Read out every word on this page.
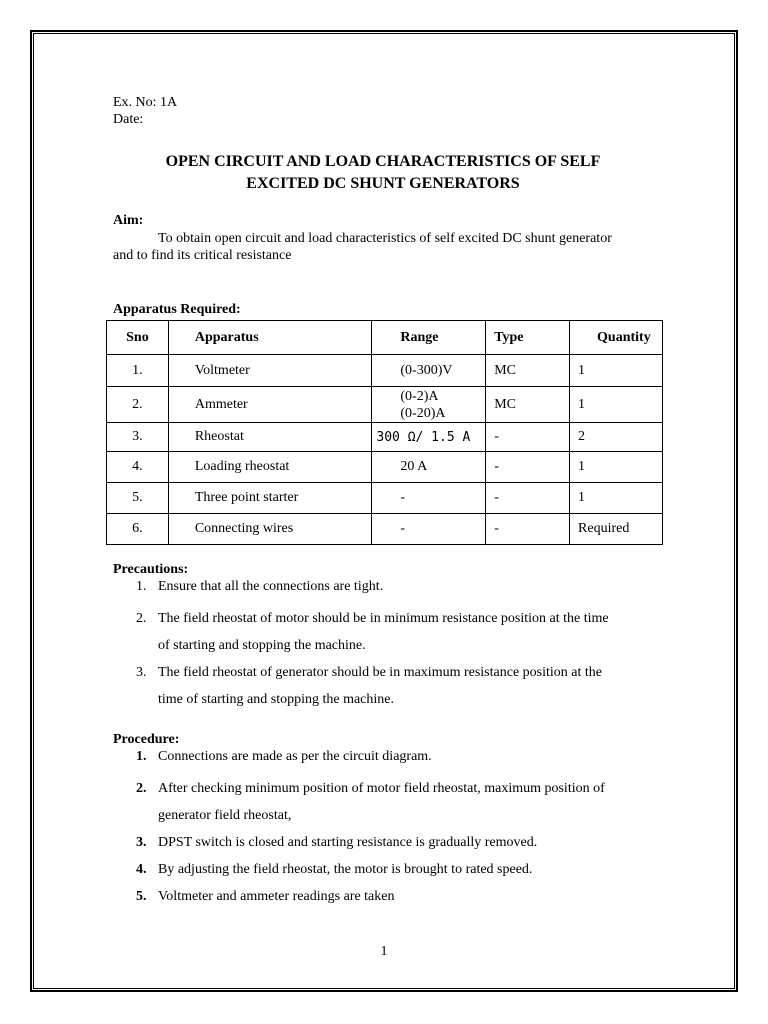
Ex. No: 1A
Date:
OPEN CIRCUIT AND LOAD CHARACTERISTICS OF SELF
EXCITED DC SHUNT GENERATORS
Aim:
To obtain open circuit and load characteristics of self excited DC shunt generator
and to find its critical resistance
Apparatus Required:
Sno	Apparatus	Range	Type	Quantity
1.	Voltmeter	(0-300)V	MC	1
2.	Ammeter	(0-2)A
(0-20)A	MC	1
3.	Rheostat	300 Ω/ 1.5 A	-	2
4.	Loading rheostat	20 A	-	1
5.	Three point starter	-	-	1
6.	Connecting wires	-	-	Required
Precautions:
1. Ensure that all the connections are tight.
2. The field rheostat of motor should be in minimum resistance position at the time
of starting and stopping the machine.
3. The field rheostat of generator should be in maximum resistance position at the
time of starting and stopping the machine.
Procedure:
1. Connections are made as per the circuit diagram.
2. After checking minimum position of motor field rheostat, maximum position of
generator field rheostat,
3. DPST switch is closed and starting resistance is gradually removed.
4. By adjusting the field rheostat, the motor is brought to rated speed.
5. Voltmeter and ammeter readings are taken
1
